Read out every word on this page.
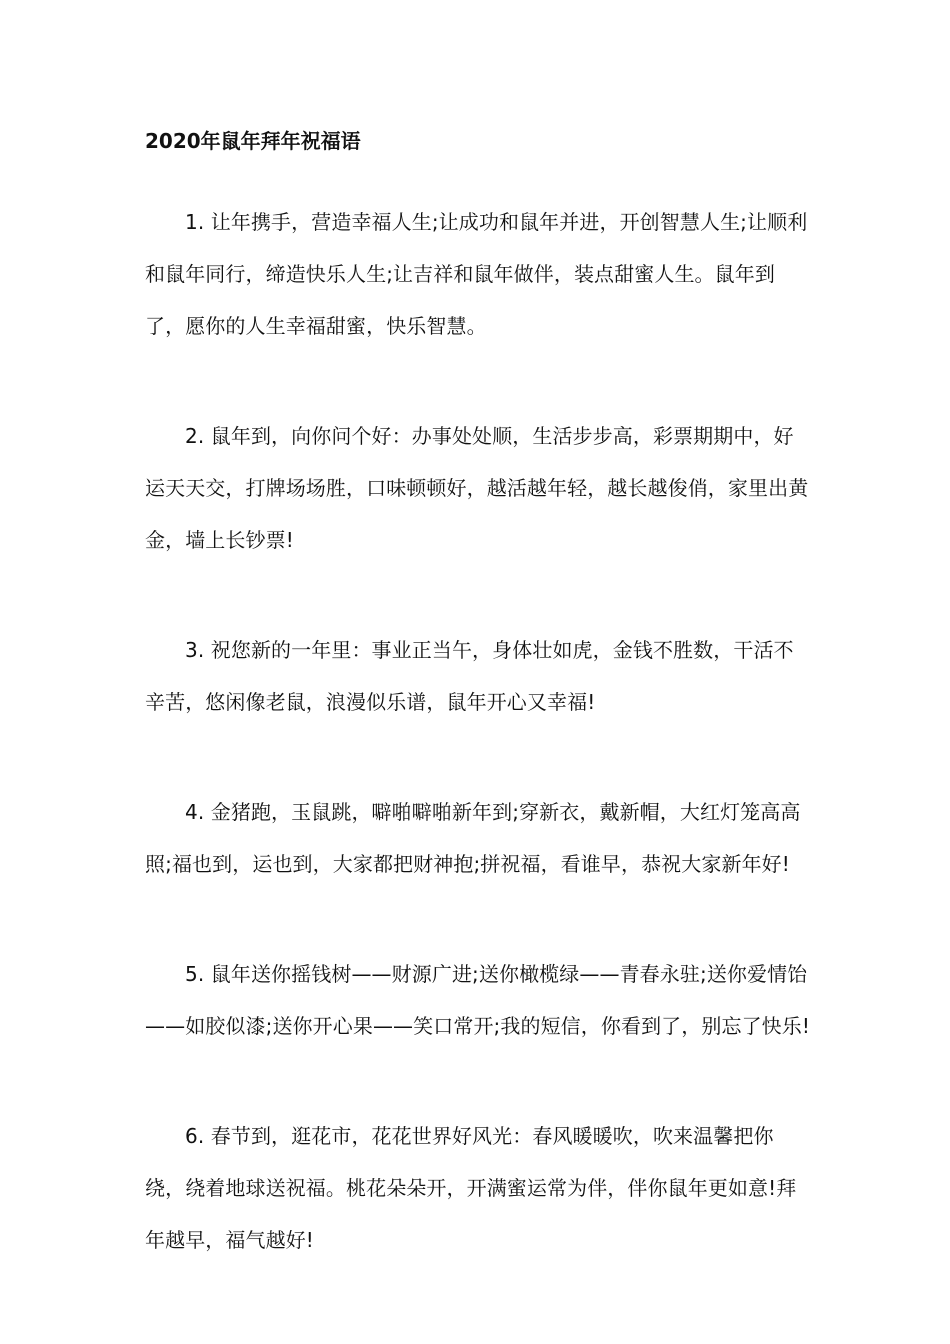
2020年鼠年拜年祝福语

1. 让年携手，营造幸福人生;让成功和鼠年并进，开创智慧人生;让顺利和鼠年同行，缔造快乐人生;让吉祥和鼠年做伴，装点甜蜜人生。鼠年到了，愿你的人生幸福甜蜜，快乐智慧。

2. 鼠年到，向你问个好：办事处处顺，生活步步高，彩票期期中，好运天天交，打牌场场胜，口味顿顿好，越活越年轻，越长越俊俏，家里出黄金，墙上长钞票!

3. 祝您新的一年里：事业正当午，身体壮如虎，金钱不胜数，干活不辛苦，悠闲像老鼠，浪漫似乐谱，鼠年开心又幸福!

4. 金猪跑，玉鼠跳，噼啪噼啪新年到;穿新衣，戴新帽，大红灯笼高高照;福也到，运也到，大家都把财神抱;拼祝福，看谁早，恭祝大家新年好!

5. 鼠年送你摇钱树——财源广进;送你橄榄绿——青春永驻;送你爱情饴——如胶似漆;送你开心果——笑口常开;我的短信，你看到了，别忘了快乐!

6. 春节到，逛花市，花花世界好风光：春风暖暖吹，吹来温馨把你绕，绕着地球送祝福。桃花朵朵开，开满蜜运常为伴，伴你鼠年更如意!拜年越早，福气越好!
